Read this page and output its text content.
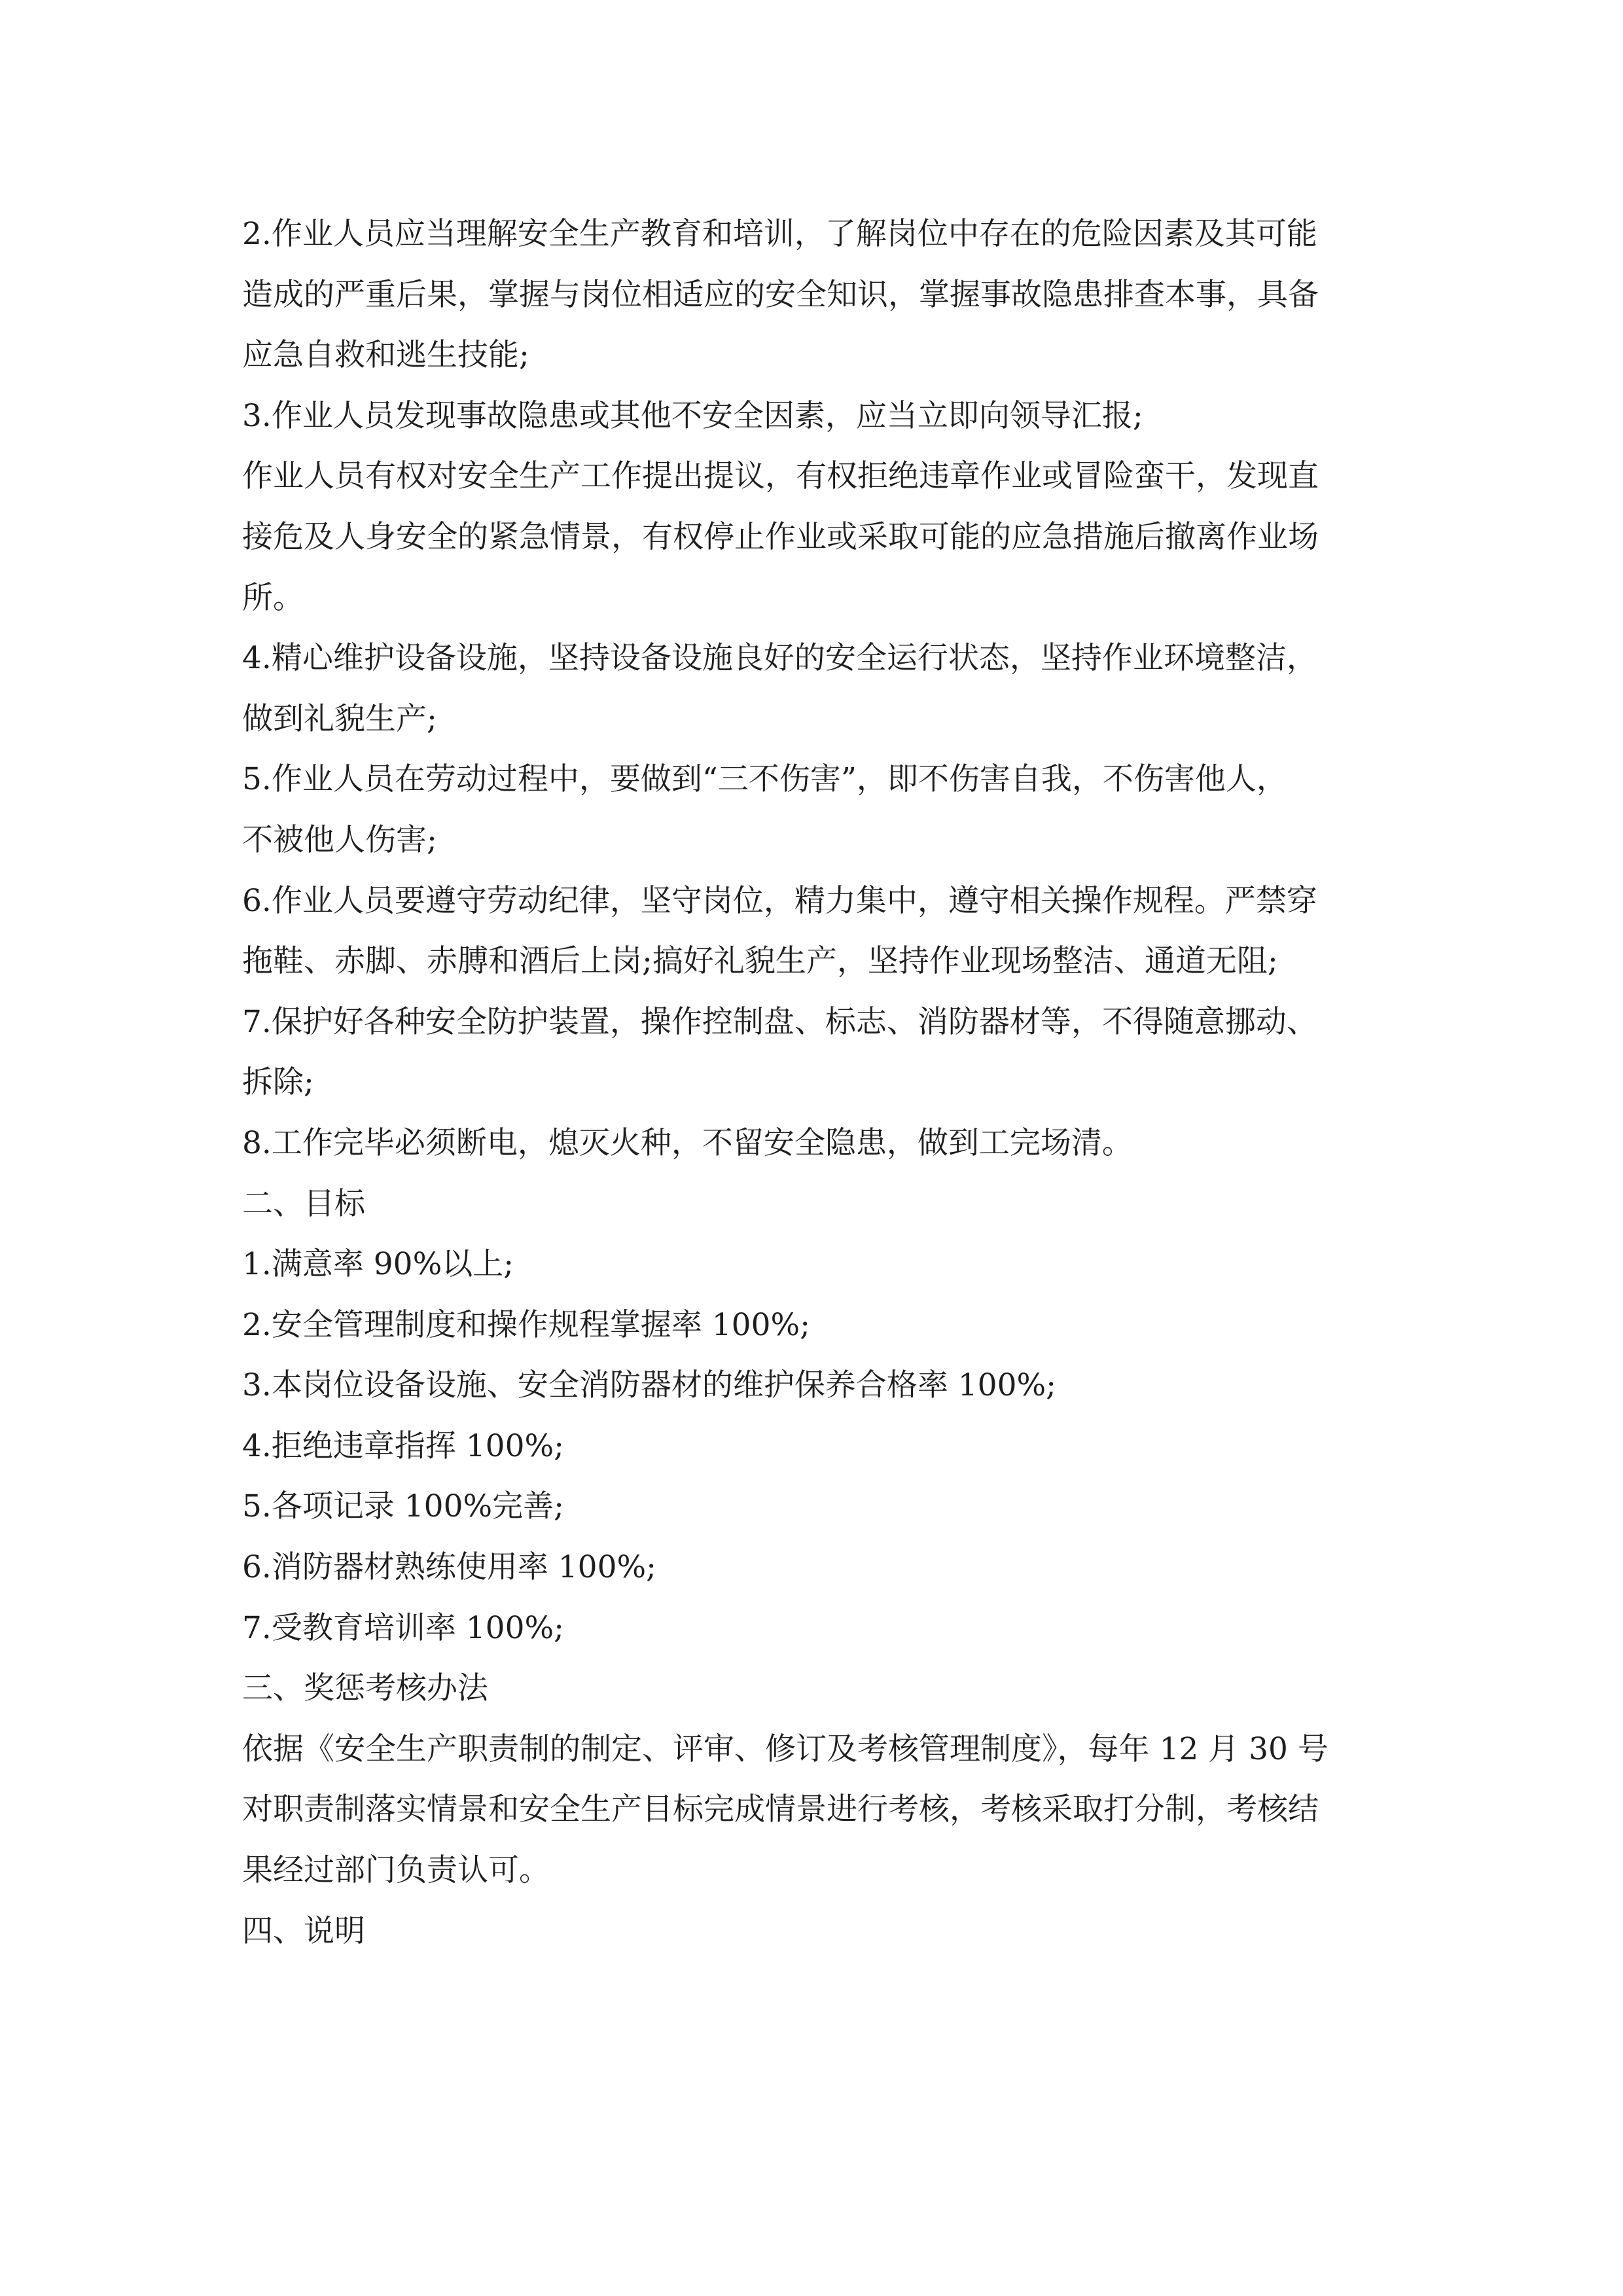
2.作业人员应当理解安全生产教育和培训，了解岗位中存在的危险因素及其可能
造成的严重后果，掌握与岗位相适应的安全知识，掌握事故隐患排查本事，具备
应急自救和逃生技能;
3.作业人员发现事故隐患或其他不安全因素，应当立即向领导汇报;
作业人员有权对安全生产工作提出提议，有权拒绝违章作业或冒险蛮干，发现直
接危及人身安全的紧急情景，有权停止作业或采取可能的应急措施后撤离作业场
所。
4.精心维护设备设施，坚持设备设施良好的安全运行状态，坚持作业环境整洁，
做到礼貌生产;
5.作业人员在劳动过程中，要做到“三不伤害”，即不伤害自我，不伤害他人，
不被他人伤害;
6.作业人员要遵守劳动纪律，坚守岗位，精力集中，遵守相关操作规程。严禁穿
拖鞋、赤脚、赤膊和酒后上岗;搞好礼貌生产，坚持作业现场整洁、通道无阻;
7.保护好各种安全防护装置，操作控制盘、标志、消防器材等，不得随意挪动、
拆除;
8.工作完毕必须断电，熄灭火种，不留安全隐患，做到工完场清。
二、目标
1.满意率 90%以上;
2.安全管理制度和操作规程掌握率 100%;
3.本岗位设备设施、安全消防器材的维护保养合格率 100%;
4.拒绝违章指挥 100%;
5.各项记录 100%完善;
6.消防器材熟练使用率 100%;
7.受教育培训率 100%;
三、奖惩考核办法
依据《安全生产职责制的制定、评审、修订及考核管理制度》，每年 12 月 30 号
对职责制落实情景和安全生产目标完成情景进行考核，考核采取打分制，考核结
果经过部门负责认可。
四、说明
